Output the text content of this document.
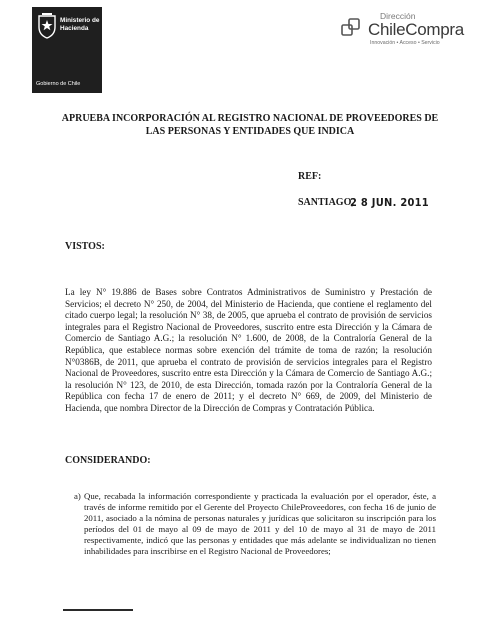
Ministerio de
Hacienda
Gobierno de Chile
Dirección
ChileCompra
Innovación • Acceso • Servicio
APRUEBA INCORPORACIÓN AL REGISTRO NACIONAL DE PROVEEDORES DE
LAS PERSONAS Y ENTIDADES QUE INDICA
REF:
SANTIAGO,
2 8 JUN. 2011
VISTOS:
La ley N° 19.886 de Bases sobre Contratos Administrativos de Suministro y Prestación de Servicios; el decreto N° 250, de 2004, del Ministerio de Hacienda, que contiene el reglamento del citado cuerpo legal; la resolución N° 38, de 2005, que aprueba el contrato de provisión de servicios integrales para el Registro Nacional de Proveedores, suscrito entre esta Dirección y la Cámara de Comercio de Santiago A.G.; la resolución N° 1.600, de 2008, de la Contraloría General de la República, que establece normas sobre exención del trámite de toma de razón; la resolución N°0386B, de 2011, que aprueba el contrato de provisión de servicios integrales para el Registro Nacional de Proveedores, suscrito entre esta Dirección y la Cámara de Comercio de Santiago A.G.; la resolución N° 123, de 2010, de esta Dirección, tomada razón por la Contraloría General de la República con fecha 17 de enero de 2011; y el decreto N° 669, de 2009, del Ministerio de Hacienda, que nombra Director de la Dirección de Compras y Contratación Pública.
CONSIDERANDO:
a) Que, recabada la información correspondiente y practicada la evaluación por el operador, éste, a través de informe remitido por el Gerente del Proyecto ChileProveedores, con fecha 16 de junio de 2011, asociado a la nómina de personas naturales y jurídicas que solicitaron su inscripción para los períodos del 01 de mayo al 09 de mayo de 2011 y del 10 de mayo al 31 de mayo de 2011 respectivamente, indicó que las personas y entidades que más adelante se individualizan no tienen inhabilidades para inscribirse en el Registro Nacional de Proveedores;
